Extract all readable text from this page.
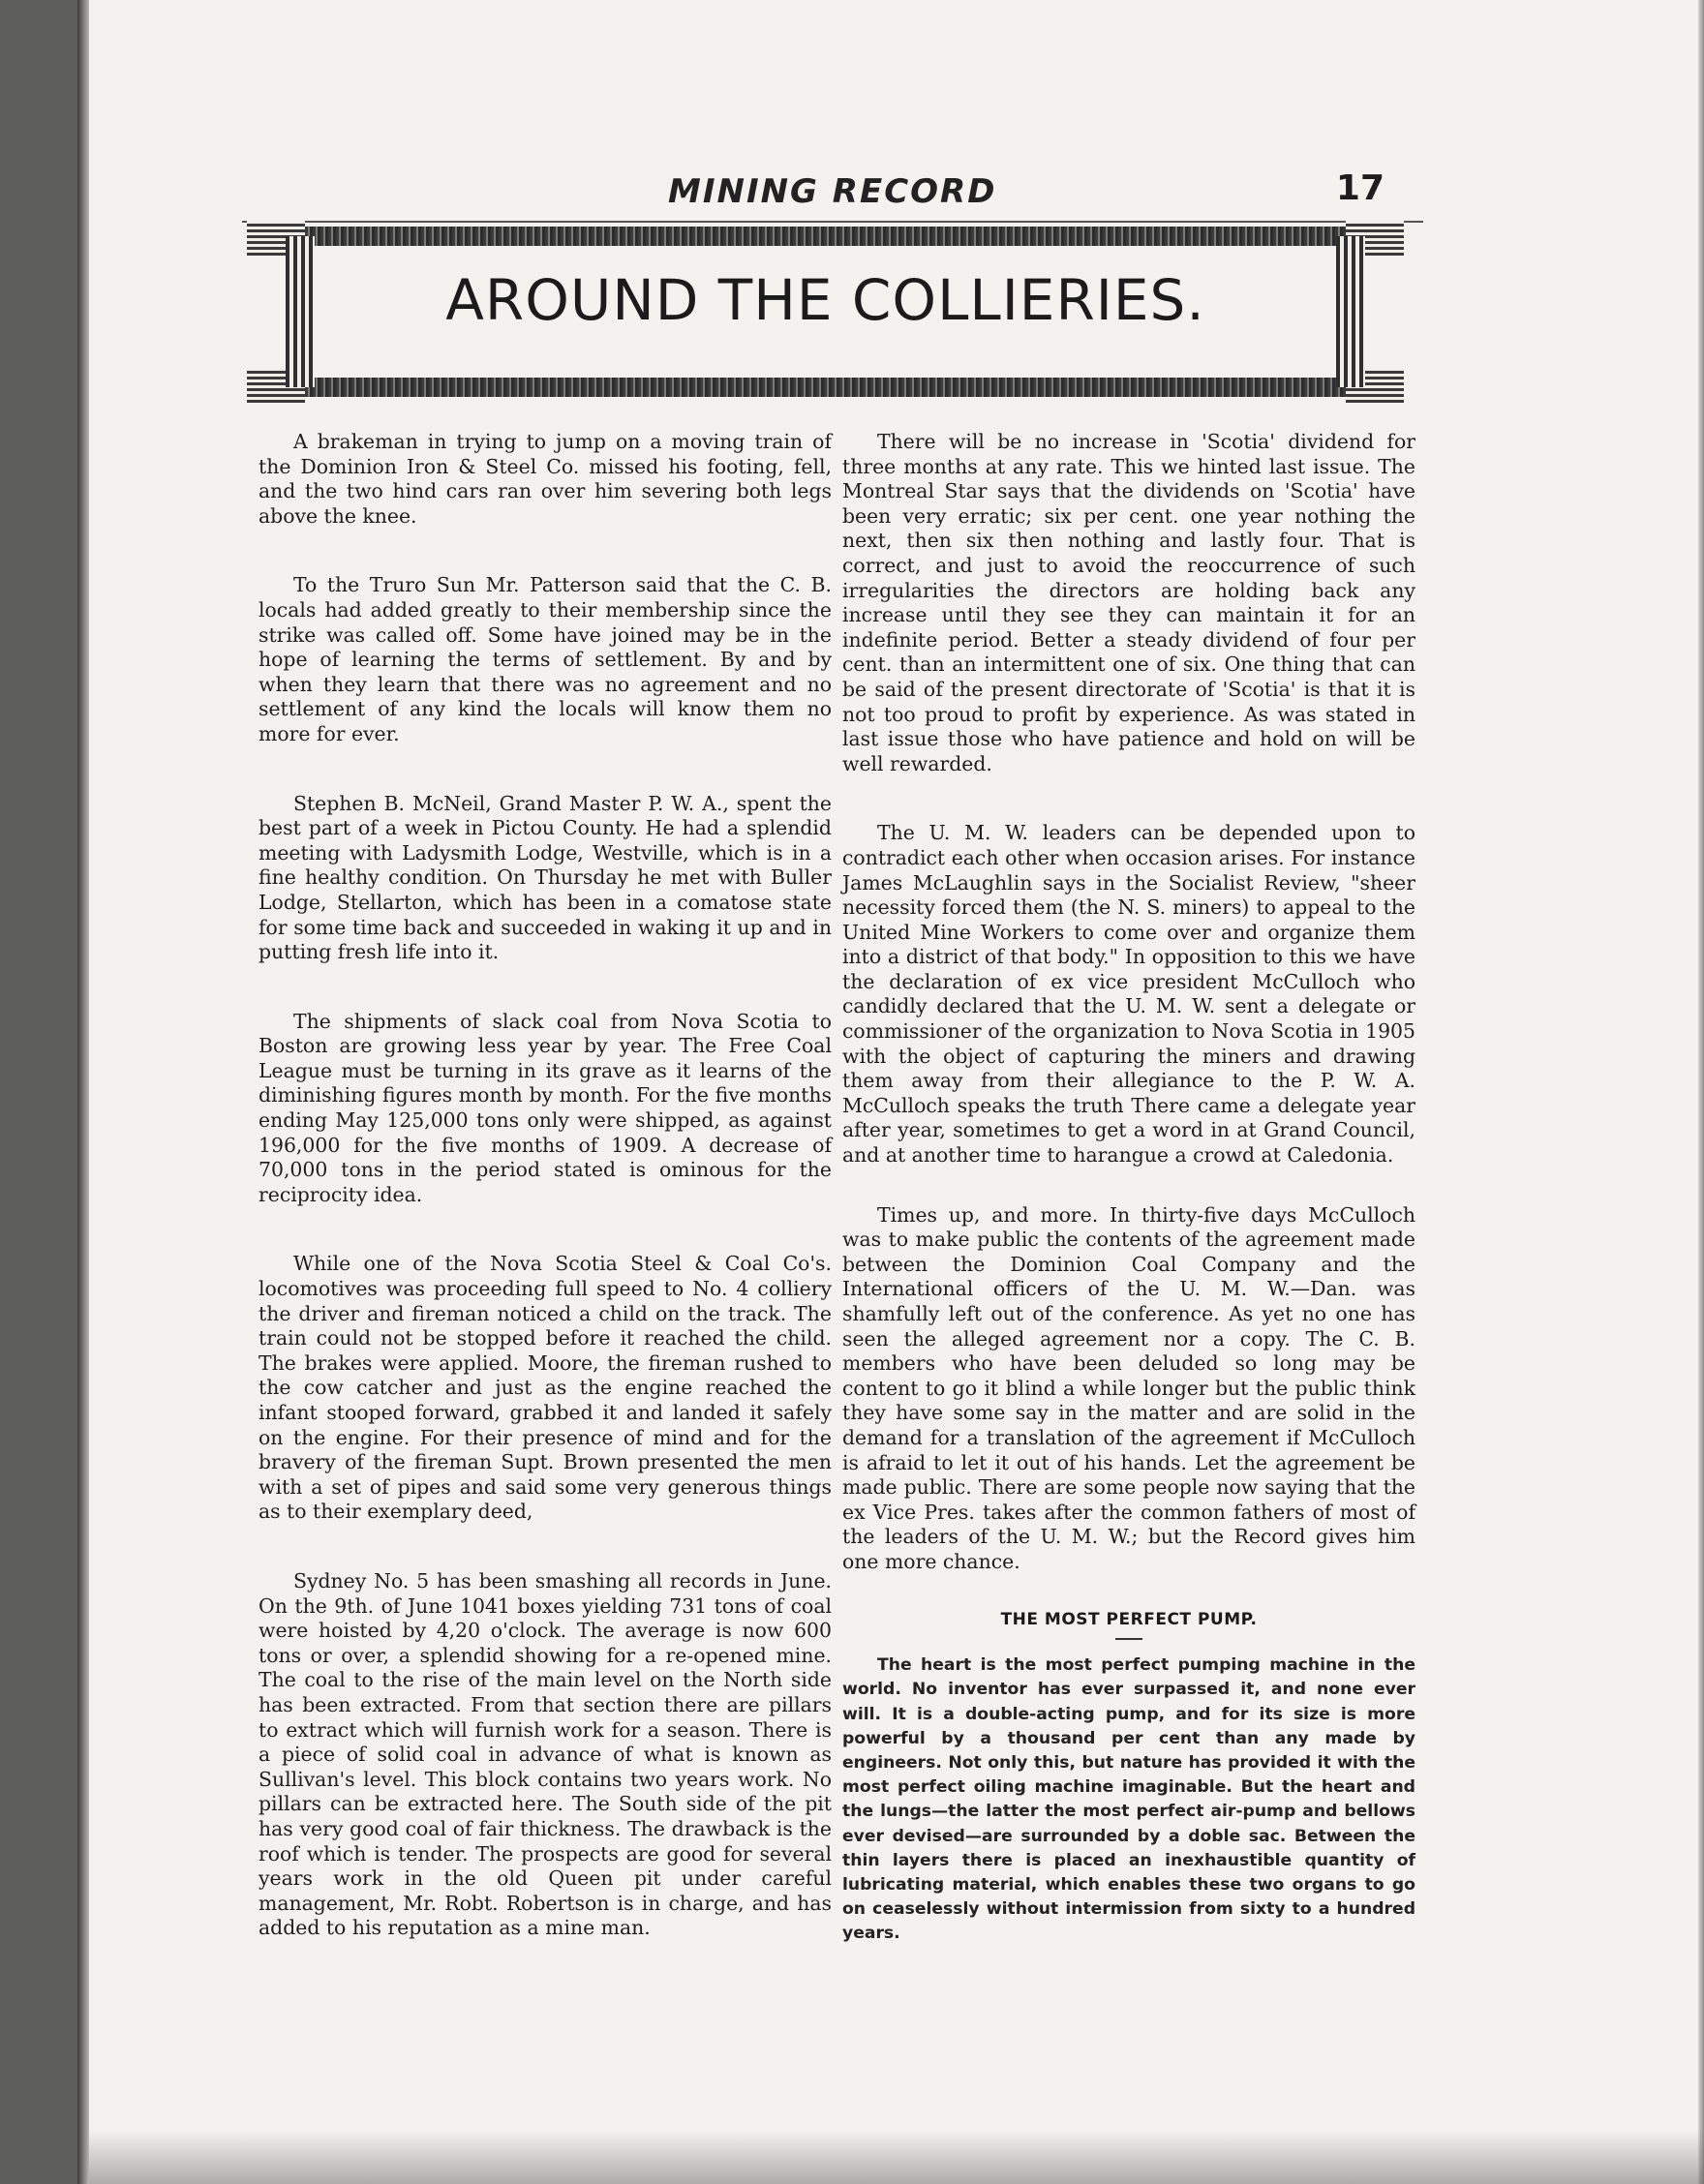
MINING RECORD	17
AROUND THE COLLIERIES.

A brakeman in trying to jump on a moving train of the Dominion Iron & Steel Co. missed his footing, fell, and the two hind cars ran over him severing both legs above the knee.

To the Truro Sun Mr. Patterson said that the C. B. locals had added greatly to their membership since the strike was called off. Some have joined may be in the hope of learning the terms of settlement. By and by when they learn that there was no agreement and no settlement of any kind the locals will know them no more for ever.

Stephen B. McNeil, Grand Master P. W. A., spent the best part of a week in Pictou County. He had a splendid meeting with Ladysmith Lodge, Westville, which is in a fine healthy condition. On Thursday he met with Buller Lodge, Stellarton, which has been in a comatose state for some time back and succeeded in waking it up and in putting fresh life into it.

The shipments of slack coal from Nova Scotia to Boston are growing less year by year. The Free Coal League must be turning in its grave as it learns of the diminishing figures month by month. For the five months ending May 125,000 tons only were shipped, as against 196,000 for the five months of 1909. A decrease of 70,000 tons in the period stated is ominous for the reciprocity idea.

While one of the Nova Scotia Steel & Coal Co's. locomotives was proceeding full speed to No. 4 colliery the driver and fireman noticed a child on the track. The train could not be stopped before it reached the child. The brakes were applied. Moore, the fireman rushed to the cow catcher and just as the engine reached the infant stooped forward, grabbed it and landed it safely on the engine. For their presence of mind and for the bravery of the fireman Supt. Brown presented the men with a set of pipes and said some very generous things as to their exemplary deed,

Sydney No. 5 has been smashing all records in June. On the 9th. of June 1041 boxes yielding 731 tons of coal were hoisted by 4,20 o'clock. The average is now 600 tons or over, a splendid showing for a re-opened mine. The coal to the rise of the main level on the North side has been extracted. From that section there are pillars to extract which will furnish work for a season. There is a piece of solid coal in advance of what is known as Sullivan's level. This block contains two years work. No pillars can be extracted here. The South side of the pit has very good coal of fair thickness. The drawback is the roof which is tender. The prospects are good for several years work in the old Queen pit under careful management, Mr. Robt. Robertson is in charge, and has added to his reputation as a mine man.

There will be no increase in 'Scotia' dividend for three months at any rate. This we hinted last issue. The Montreal Star says that the dividends on 'Scotia' have been very erratic; six per cent. one year nothing the next, then six then nothing and lastly four. That is correct, and just to avoid the reoccurrence of such irregularities the directors are holding back any increase until they see they can maintain it for an indefinite period. Better a steady dividend of four per cent. than an intermittent one of six. One thing that can be said of the present directorate of 'Scotia' is that it is not too proud to profit by experience. As was stated in last issue those who have patience and hold on will be well rewarded.

The U. M. W. leaders can be depended upon to contradict each other when occasion arises. For instance James McLaughlin says in the Socialist Review, "sheer necessity forced them (the N. S. miners) to appeal to the United Mine Workers to come over and organize them into a district of that body." In opposition to this we have the declaration of ex vice president McCulloch who candidly declared that the U. M. W. sent a delegate or commissioner of the organization to Nova Scotia in 1905 with the object of capturing the miners and drawing them away from their allegiance to the P. W. A. McCulloch speaks the truth There came a delegate year after year, sometimes to get a word in at Grand Council, and at another time to harangue a crowd at Caledonia.

Times up, and more. In thirty-five days McCulloch was to make public the contents of the agreement made between the Dominion Coal Company and the International officers of the U. M. W.—Dan. was shamfully left out of the conference. As yet no one has seen the alleged agreement nor a copy. The C. B. members who have been deluded so long may be content to go it blind a while longer but the public think they have some say in the matter and are solid in the demand for a translation of the agreement if McCulloch is afraid to let it out of his hands. Let the agreement be made public. There are some people now saying that the ex Vice Pres. takes after the common fathers of most of the leaders of the U. M. W.; but the Record gives him one more chance.

THE MOST PERFECT PUMP.

The heart is the most perfect pumping machine in the world. No inventor has ever surpassed it, and none ever will. It is a double-acting pump, and for its size is more powerful by a thousand per cent than any made by engineers. Not only this, but nature has provided it with the most perfect oiling machine imaginable. But the heart and the lungs—the latter the most perfect air-pump and bellows ever devised—are surrounded by a doble sac. Between the thin layers there is placed an inexhaustible quantity of lubricating material, which enables these two organs to go on ceaselessly without intermission from sixty to a hundred years.
